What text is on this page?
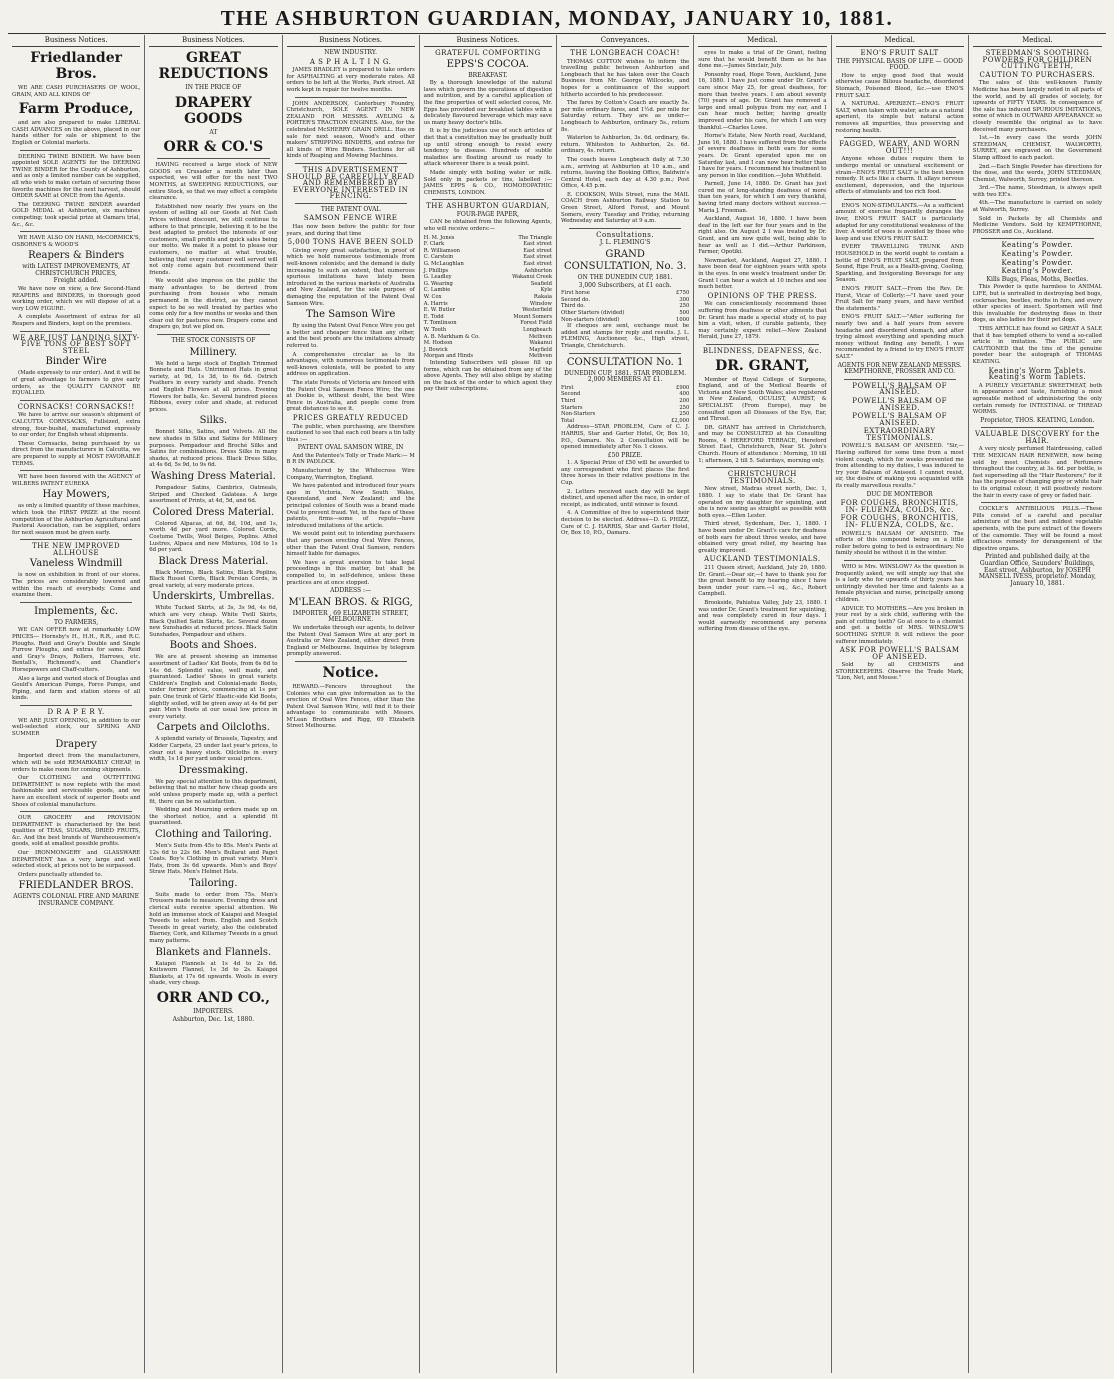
THE ASHBURTON GUARDIAN, MONDAY, JANUARY 10, 1881.
Business Notices.

Friedlander Bros.

WE ARE CASH PURCHASERS OF WOOL, GRAIN, AND ALL KINDS OF

Farm Produce,

and are also prepared to make LIBERAL CASH ADVANCES on the above, placed in our hands either for sale or shipment to the English or Colonial markets.

DEERING TWINE BINDER. We have been appointed SOLE AGENTS for the DEERING TWINE BINDER for the County of Ashburton, and as only a limited number can be supplied, all who wish to make certain of securing these favorite machines for the next harvest, should ORDER SAME at ONCE from the Agents.

The DEERING TWINE BINDER awarded GOLD MEDAL at Ashburton, six machines competing; took special prize at Oamaru trial, &c., &c.

WE HAVE ALSO ON HAND, McCORMICK'S, OSBORNE'S & WOOD'S

Reapers & Binders

with LATEST IMPROVEMENTS, AT CHRISTCHURCH PRICES,

Freight added.

We have now on view, a few Second-Hand REAPERS and BINDERS, in thorough good working order, which we will dispose of at a very LOW FIGURE.

A complete Assortment of extras for all Reapers and Binders, kept on the premises.

WE ARE JUST LANDING SIXTY-FIVE TONS OF BEST SOFT STEEL

Binder Wire

(Made expressly to our order). And it will be of great advantage to farmers to give early orders, as the QUALITY CANNOT BE EQUALLED.

CORNSACKS! CORNSACKS!!

We have to arrive our season's shipment of CALCUTTA CORNSACKS, Fullsized, extra strong, four-bushel, manufactured expressly to our order, for English wheat shipments.

These Cornsacks, being purchased by us direct from the manufacturers in Calcutta, we are prepared to supply at MOST FAVORABLE TERMS.

WE have been favored with the AGENCY of WILBERS PATENT EUREKA

Hay Mowers,

as only a limited quantity of these machines, which took the FIRST PRIZE at the recent competition of the Ashburton Agricultural and Pastoral Association, can be supplied, orders for next season must be given early.

THE NEW IMPROVED ALLHOUSE

Vaneless Windmill

is now on exhibition in front of our stores. The prices are considerably lowered and within the reach of everybody. Come and examine them.

Implements, &c.

TO FARMERS,

WE CAN OFFER now at remarkably LOW PRICES— Hornsby's H., H.H., R.R., and R.C. Ploughs. Reid and Gray's Double and Single Furrow Ploughs, and extras for same. Reid and Gray's Drays, Rollers, Harrows, etc. Bentall's, Richmond's, and Chandler's Horsepowers and Chaff-cutters.

Also a large and varied stock of Douglas and Gould's American Pumps, Force Pumps, and Piping, and farm and station stores of all kinds.

D R A P E R Y.

WE ARE JUST OPENING, in addition to our well-selected stock, our SPRING AND SUMMER

Drapery

Imported direct from the manufacturers, which will be sold REMARKABLY CHEAP, in orders to make room for coming shipments.

Our CLOTHING and OUTFITTING DEPARTMENT is now replete with the most fashionable and serviceable goods, and we have an excellent stock of superior Boots and Shoes of colonial manufacture.

OUR GROCERY and PROVISION DEPARTMENT is characterised by the best qualities of TEAS, SUGARS, DRIED FRUITS, &c. And the best brands of Wareheousemen's goods, sold at smallest possible profits.

Our IRONMONGERY and GLASSWARE DEPARTMENT has a very large and well selected stock, at prices not to be surpassed.

Orders punctually attended to.

FRIEDLANDER BROS.

AGENTS COLONIAL FIRE AND MARINE INSURANCE COMPANY.

Business Notices.

GREAT REDUCTIONS

IN THE PRICE OF

DRAPERY GOODS

AT

ORR & CO.'S

HAVING received a large stock of NEW GOODS ex Crusader a month later than expected, we will offer for the next TWO MONTHS, at SWEEPING REDUCTIONS, our entire Stock, so that we may effect a complete clearance.

Established now nearly five years on the system of selling all our Goods at Net Cash Prices without discount, we still continue to adhere to that principle, believing it to be the best adapted to protect the interests of our customers, small profits and quick sales being our motto. We make it a point to please our customers, no matter at what trouble, believing that every customer well served will not only come again but recommend their friends.

We would also impress on the public the many advantages to be derived from purchasing from houses who remain permanent in the district, as they cannot expect to be so well treated by parties who come only for a few months or weeks and then clear out for pastures new. Drapers come and drapers go, but we plod on.

THE STOCK CONSISTS OF

Millinery.

We hold a large stock of English Trimmed Bonnets and Hats. Untrimmed Hats in great variety, at 9d, 1s 3d, to 6s 6d. Ostrich Feathers in every variety and shade. French and English Flowers at all prices. Evening Flowers for balls, &c. Several hundred pieces Ribbons, every color and shade, at reduced prices.

Silks.

Bonnet Silks, Satins, and Velvets. All the new shades in Silks and Satins for Millinery purposes. Pompadour and Broché Silks and Satins for combinations. Dress Silks in many shades, at reduced prices. Black Dress Silks, at 4s 6d, 5s 9d, to 9s 6d.

Washing Dress Material.

Pompadour Satins, Cambrics, Oatmeals, Striped and Checked Galateas. A large assortment of Prints, at 4d, 5d, and 6d.

Colored Dress Material.

Colored Alpacas, at 6d, 8d, 10d, and 1s, worth 4d per yard more. Colored Cords, Costume Twills, Wool Beiges, Poplins. Athol Lustres, Alpaca and new Mixtures, 10d to 1s 6d per yard.

Black Dress Material.

Black Merino, Black Satins, Black Poplins, Black Russel Cords, Black Persian Cords, in great variety, at very moderate prices.

Underskirts, Umbrellas.

White Tucked Skirts, at 3s, 3s 9d, 4s 6d, which are very cheap. White Twill Skirts, Black Quilted Satin Skirts, &c. Several dozen new Sunshades at reduced prices. Black Satin Sunshades, Pompadour and others.

Boots and Shoes.

We are at present showing an immense assortment of Ladies' Kid Boots, from 6s 6d to 14s 6d. Splendid value, well made, and guaranteed. Ladies' Shoes in great variety. Children's English and Colonial-made Boots, under former prices, commencing at 1s per pair. One trunk of Girls' Elastic-side Kid Boots, slightly soiled, will be given away at 4s 6d per pair. Men's Boots at our usual low prices in every variety.

Carpets and Oilcloths.

A splendid variety of Brussels, Tapestry, and Kidder Carpets, 25 under last year's prices, to clear out a heavy stock. Oilcloths in every width, 1s 1d per yard under usual prices.

Dressmaking.

We pay special attention to this department, believing that no matter how cheap goods are sold unless properly made up, with a perfect fit, there can be no satisfaction.

Wedding and Mourning orders made up on the shortest notice, and a splendid fit guaranteed.

Clothing and Tailoring.

Men's Suits from 45s to 85s. Men's Pants at 12s 6d to 22s 6d. Men's Bullarat and Paget Coats. Boy's Clothing in great variety. Men's Hats, from 3s 6d upwards. Men's and Boys' Straw Hats. Men's Helmet Hats.

Tailoring.

Suits made to order from 75s. Men's Trousers made to measure. Evening dress and clerical suits receive special attention. We hold an immense stock of Kaiapoi and Mosgiel Tweeds to select from. English and Scotch Tweeds in great variety, also the celebrated Blarney, Cork, and Killarney Tweeds in a great many patterns.

Blankets and Flannels.

Kaiapoi Flannels at 1s 4d to 2s 6d. Knitsworn Flannel, 1s 3d to 2s. Kaiapoi Blankets, at 17s 6d upwards. Wools in every shade, very cheap.

ORR AND CO.,

IMPORTERS.

Ashburton, Dec. 1st, 1880.

Business Notices.

NEW INDUSTRY.

A S P H A L T I N G.

JAMES BRADLEY is prepared to take orders for ASPHALTING at very moderate rates. All orders to be left at the Works, Park street. All work kept in repair for twelve months.

JOHN ANDERSON, Canterbury Foundry, Christchurch, SOLE AGENT IN NEW ZEALAND FOR MESSRS. AVELING & PORTER'S TRACTION ENGINES. Also, for the celebrated McSHERRY GRAIN DRILL. Has on sale for next season, Wood's and other makers' STRIPPING BINDERS, and extras for all kinds of Wire Binders. Sections for all kinds of Reaping and Mowing Machines.

THIS ADVERTISEMENT SHOULD BE CAREFULLY READ AND REMEMBERED BY EVERYONE INTERESTED IN FENCING.

THE PATENT OVAL

SAMSON FENCE WIRE

Has now been before the public for four years, and during that time

5,000 TONS HAVE BEEN SOLD

Giving every great satisfaction, in proof of which we hold numerous testimonials from well-known colonists; and the demand is daily increasing to such an extent, that numerous spurious imitations have lately been introduced in the various markets of Australia and New Zealand, for the sole purpose of damaging the reputation of the Patent Oval Samson Wire.

The Samson Wire

By using the Patent Oval Fence Wire you get a better and cheaper fence than any other, and the best proofs are the imitations already referred to.

A comprehensive circular as to its advantages, with numerous testimonials from well-known colonists, will be posted to any address on application.

The state Forests of Victoria are fenced with the Patent Oval Samson Fence Wire; the one at Dookie is, without doubt, the best Wire Fence in Australia, and people come from great distances to see it.

PRICES GREATLY REDUCED

The public, when purchasing, are therefore cautioned to see that each coil bears a tin tally thus :—

PATENT OVAL SAMSON WIRE, IN

And the Patentee's Tolly or Trade Mark:— M B R IN PADLOCK.

Manufactured by the Whitecross Wire Company, Warrington, England.

We have patented and introduced four years ago in Victoria, New South Wales, Queensland, and New Zealand; and the principal colonies of South was a brand made Oval to prevent fraud. Yet, in the face of these patents, firms—some of repute—have introduced imitations of the article.

We would point out to intending purchasers that any person erecting Oval Wire Fences, other than the Patent Oval Samson, renders himself liable for damages.

We have a great aversion to take legal proceedings in this matter, but shall be compelled to, in self-defence, unless these practices are at once stopped.

ADDRESS :—

M'LEAN BROS. & RIGG,

IMPORTER , 69 ELIZABETH STREET, MELBOURNE.

We undertake through our agents, to deliver the Patent Oval Samson Wire at any port in Australia or New Zealand, either direct from England or Melbourne. Inquiries by telegram promptly answered.

Notice.

REWARD.—Fencers throughout the Colonies who can give information as to the erection of Oval Wire Fences, other than the Patent Oval Samson Wire, will find it to their advantage to communicate with Messrs. M'Lean Brothers and Rigg, 69 Elizabeth Street Melbourne.

Business Notices.

GRATEFUL COMFORTING

EPPS'S COCOA.

BREAKFAST.

By a thorough knowledge of the natural laws which govern the operations of digestion and nutrition, and by a careful application of the fine properties of well selected cocoa, Mr. Epps has provided our breakfast tables with a delicately flavoured beverage which may save us many heavy doctor's bills.

It is by the judicious use of such articles of diet that a constitution may be gradually built up until strong enough to resist every tendency to disease. Hundreds of subtle maladies are floating around us ready to attack wherever there is a weak point.

Made simply with boiling water or milk. Sold only in packets or tins, labelled :— JAMES EPPS & CO., HOMOEOPATHIC CHEMISTS, LONDON.

THE ASHBURTON GUARDIAN,

FOUR-PAGE PAPER,

CAN be obtained from the following Agents, who will receive orders:—

H. M. Jones	The Triangle
F. Clark	East street
R. Williamson	East street
C. Carstein	East street
G. McLaughlan	East street
J. Phillips	Ashburton
G. Leadley	Wakanui Creek
G. Wearing	Seafield
C. Lambie	Kyle
W. Cox	Rakaia
A. Harris	Winslow
E. W. Butler	Westerfield
E. Todd	Mount Somers
T. Tomlinson	Forest Field
W. Tooth	Longbeach
A. B. Markham & Co.	Methven
M. Hodson	Wakanui
J. Bowick	Mayfield
Morgan and Hinds	Methven

Intending Subscribers will please fill up forms, which can be obtained from any of the above Agents. They will also oblige by stating on the back of the order to which agent they pay their subscriptions.

Conveyances.

THE LONGBEACH COACH!

THOMAS COTTON wishes to inform the travelling public between Ashburton and Longbeach that he has taken over the Coach Business from Mr. George Willcocks, and hopes for a continuance of the support hitherto accorded to his predecessor.

The fares by Cotton's Coach are exactly 5s. per mile ordinary fares, and 1½d. per mile for Saturday return. They are as under— Longbeach to Ashburton, ordinary 5s., return 8s.

Waterton to Ashburton, 3s. 6d. ordinary, 6s. return. Whiteston to Ashburton, 2s. 6d. ordinary, 4s. return.

The coach leaves Longbeach daily at 7.30 a.m., arriving at Ashburton at 10 a.m., and returns, leaving the Booking Office, Baldwin's Central Hotel, each day at 4.30 p.m.; Post Office, 4.45 p.m.

E. COOKSON, Wills Street, runs the MAIL COACH from Ashburton Railway Station to Green Street, Alford Forest, and Mount Somers, every Tuesday and Friday, returning Wednesday and Saturday at 9 a.m.

Consultations.

J. L. FLEMING'S

GRAND CONSULTATION, No. 3.

ON THE DUNEDIN CUP, 1881.

3,000 Subscribers, at £1 each.

First horse	£750
Second do.	300
Third do.	250
Other Starters (divided)	500
Non-starters (divided)	1000

If cheques are sent, exchange must be added and stamps for reply and results. J. L. FLEMING, Auctioneer, &c., High street, Triangle, Christchurch.

CONSULTATION No. 1

DUNEDIN CUP, 1881. STAR PROBLEM. 2,000 MEMBERS AT £1.

First	£900
Second	400
Third	200
Starters	250
Non-Starters	250
Total	£2,000

Address—STAR PROBLEM, Care of C. J. HARRIS, Star and Garter Hotel, Or, Box 10, P.O., Oamaru. No. 2 Consultation will be opened immediately after No. 1 closes.

£50 PRIZE.

1. A Special Prize of £50 will be awarded to any correspondent who first places the first three horses in their relative positions in the Cup.

2. Letters received each day will be kept distinct, and opened after the race, in order of receipt, as indicated, until winner is found.

4. A Committee of five to superintend their decision to be elected. Address—D. G. PHIZZ, Care of C. J. HARRIS, Star and Garter Hotel, Or, Box 10, P.O., Oamaru.

Medical.

eyes to make a trial of Dr Grant, feeling sure that he would benefit them as he has done me.—James Sinclair, July.

Ponsonby road, Hope Town, Auckland, June 16, 1880. I have just come under Dr. Grant's care since May 25, for great deafness, for more than twelve years. I am about seventy (70) years of age. Dr. Grant has removed a large and small polypus from my ear, and I can hear much better, having greatly improved under his care, for which I am very thankful.—Charles Lowe.

Horne's Estate, New North road, Auckland, June 16, 1880. I have suffered from the effects of severe deafness in both ears for some years. Dr. Grant operated upon me on Saturday last, and I can now hear better than I have for years. I recommend his treatment to any person in like condition.—John Whitfield.

Parnell, June 14, 1880. Dr. Grant has just cured me of long-standing deafness of more than ten years, for which I am very thankful, having tried many doctors without success.—Maria J. Freeman.

Auckland, August 16, 1880. I have been deaf in the left ear for four years and in the right also. On August 2 I was treated by Dr. Grant, and am now quite well, being able to hear as well as I did.—Arthur Parkinson, Farmer, Opotiki.

Newmarket, Auckland, August 27, 1880. I have been deaf for eighteen years with spots in the eyes. In one week's treatment under Dr. Grant I can hear a watch at 10 inches and see much better.

OPINIONS OF THE PRESS.

We can conscientiously recommend those suffering from deafness or other ailments that Dr. Grant has made a special study of, to pay him a visit, when, if curable patients, they may certainly expect relief.—New Zealand Herald, June 27, 1879.

BLINDNESS, DEAFNESS, &c.

DR. GRANT,

Member of Royal College of Surgeons, England, and of the Medical Boards of Victoria and New South Wales; also registered in New Zealand, OCULIST, AURIST, & SPECIALIST. (From Europe), may be consulted upon all Diseases of the Eye, Ear, and Throat.

DR. GRANT has arrived in Christchurch, and may be CONSULTED at his Consulting Rooms, 4 HEREFORD TERRACE, Hereford Street East, Christchurch, Near St. John's Church. Hours of attendance : Morning, 10 till 1; afternoon, 2 till 5. Saturdays, morning only.

CHRISTCHURCH TESTIMONIALS.

New street, Madras street north, Dec. 1, 1880. I say to state that Dr. Grant has operated on my daughter for squinting, and she is now seeing as straight as possible with both eyes.—Ellen Lester.

Third street, Sydenham, Dec. 1, 1880. I have been under Dr. Grant's care for deafness of both ears for about three weeks, and have obtained very great relief, my hearing has greatly improved.

AUCKLAND TESTIMONIALS.

211 Queen street, Auckland, July 29, 1880. Dr. Grant.—Dear sir,—I have to thank you for the great benefit to my hearing since I have been under your care.—I sq., &c., Robert Campbell.

Brookside, Pahiatua Valley, July 23, 1880. I was under Dr. Grant's treatment for squinting, and was completely cured in four days. I would earnestly recommend any persons suffering from disease of the eye.

Medical.

ENO'S FRUIT SALT

THE PHYSICAL BASIS OF LIFE — GOOD FOOD.

How to enjoy good food that would otherwise cause Bilious headache, disordered Stomach, Poisoned Blood, &c.—use ENO'S FRUIT SALT.

A NATURAL APERIENT.—ENO'S FRUIT SALT, when taken with water, acts as a natural aperient, its simple but natural action removes all impurities, thus preserving and restoring health.

FAGGED, WEARY, AND WORN OUT!!!

Anyone whose duties require them to undergo mental or unnatural excitement or strain—ENO'S FRUIT SALT is the best known remedy. It acts like a charm. It allays nervous excitement, depression, and the injurious effects of stimulants and too rich food.

ENO'S NON-STIMULANTS.—As a sufficient amount of exercise frequently deranges the liver, ENO'S FRUIT SALT is particularly adapted for any constitutional weakness of the liver. A world of woes is avoided by those who keep and use ENO'S FRUIT SALT.

EVERY TRAVELLING TRUNK AND HOUSEHOLD in the world ought to contain a bottle of ENO'S FRUIT SALT, prepared from Sound, Ripe Fruit, as a Health-giving, Cooling, Sparkling, and Invigorating Beverage for any Season.

ENO'S FRUIT SALT.—From the Rev. Dr. Hurst, Vicar of Collerly:—"I have used your Fruit Salt for many years, and have verified the statements."

ENO'S FRUIT SALT.—"After suffering for nearly two and a half years from severe headache and disordered stomach, and after trying almost everything and spending much money without finding any benefit, I was recommended by a friend to try ENO'S FRUIT SALT."

AGENTS FOR NEW ZEALAND MESSRS. KEMPTHORNE, PROSSER AND CO.

POWELL'S BALSAM OF ANISEED.

POWELL'S BALSAM OF ANISEED.

POWELL'S BALSAM OF ANISEED.

EXTRAORDINARY TESTIMONIALS.

POWELL'S BALSAM OF ANISEED. "Sir,—Having suffered for some time from a most violent cough, which for weeks prevented me from attending to my duties, I was induced to try your Balsam of Aniseed. I cannot resist, sir, the desire of making you acquainted with its really marvellous results."

DUC DE MONTEBOR

FOR COUGHS, BRONCHITIS, IN- FLUENZA, COLDS, &c.

FOR COUGHS, BRONCHITIS, IN- FLUENZA, COLDS, &c.

POWELL'S BALSAM OF ANISEED. The efforts of this compound being on a little roller before going to bed is extraordinary. No family should be without it in the winter.

WHO is Mrs. WINSLOW? As the question is frequently asked, we will simply say that she is a lady who for upwards of thirty years has untiringly devoted her time and talents as a female physician and nurse, principally among children.

ADVICE TO MOTHERS.—Are you broken in your rest by a sick child, suffering with the pain of cutting teeth? Go at once to a chemist and get a bottle of MRS. WINSLOW'S SOOTHING SYRUP. It will relieve the poor sufferer immediately.

ASK FOR POWELL'S BALSAM OF ANISEED.

Sold by all CHEMISTS and STOREKEEPERS. Observe the Trade Mark, "Lion, Net, and Mouse."

Medical.

STEEDMAN'S SOOTHING POWDERS FOR CHILDREN CUTTING TEETH,

CAUTION TO PURCHASERS.

The sales of this well-known Family Medicine has been largely noted in all parts of the world, and by all grades of society, for upwards of FIFTY YEARS. In consequence of the sale has induced SPURIOUS IMITATIONS, some of which in OUTWARD APPEARANCE so closely resemble the original as to have deceived many purchasers.

1st.—In every case the words JOHN STEEDMAN, CHEMIST, WALWORTH, SURREY, are engraved on the Government Stamp affixed to each packet.

2nd.—Each Single Powder has directions for the dose, and the words, JOHN STEEDMAN, Chemist, Walworth, Surrey, printed thereon.

3rd.—The name, Steedman, is always spelt with two EE's.

4th.—The manufacture is carried on solely at Walworth, Surrey.

Sold in Packets by all Chemists and Medicine Vendors. Sold by KEMPTHORNE, PROSSER and Co., Auckland.

Keating's Powder.

Keating's Powder.

Keating's Powder.

Keating's Powder.

Kills Bugs, Fleas, Moths, Beetles.

This Powder is quite harmless to ANIMAL LIFE, but is unrivalled in destroying bed bugs, cockroaches, beetles, moths in furs, and every other species of insect. Sportsmen will find this invaluable for destroying fleas in their dogs, as also ladies for their pet dogs.

THIS ARTICLE has found so GREAT A SALE that it has tempted others to vend a so-called article in imitation. The PUBLIC are CAUTIONED that the tins of the genuine powder bear the autograph of THOMAS KEATING.

Keating's Worm Tablets. Keating's Worm Tablets.

A PURELY VEGETABLE SWEETMEAT, both in appearance and taste, furnishing a most agreeable method of administering the only certain remedy for INTESTINAL or THREAD WORMS.

Proprietor, THOS. KEATING, London.

VALUABLE DISCOVERY for the HAIR.

A very nicely perfumed Hairdressing, called THE MEXICAN HAIR RENEWER, now being sold by most Chemists and Perfumers throughout the country, at 3s. 6d. per bottle, is fast superseding all the "Hair Restorers;" for it has the purpose of changing grey or white hair to its original colour, it will positively restore the hair in every case of grey or faded hair.

COCKLE'S ANTIBILIOUS PILLS.—These Pills consist of a careful and peculiar admixture of the best and mildest vegetable aperients, with the pure extract of the flowers of the camomile. They will be found a most efficacious remedy for derangement of the digestive organs.

Printed and published daily, at the Guardian Office, Saunders' Buildings, East street, Ashburton, by JOSEPH MANSELL IVESS, proprietor. Monday, January 10, 1881.
